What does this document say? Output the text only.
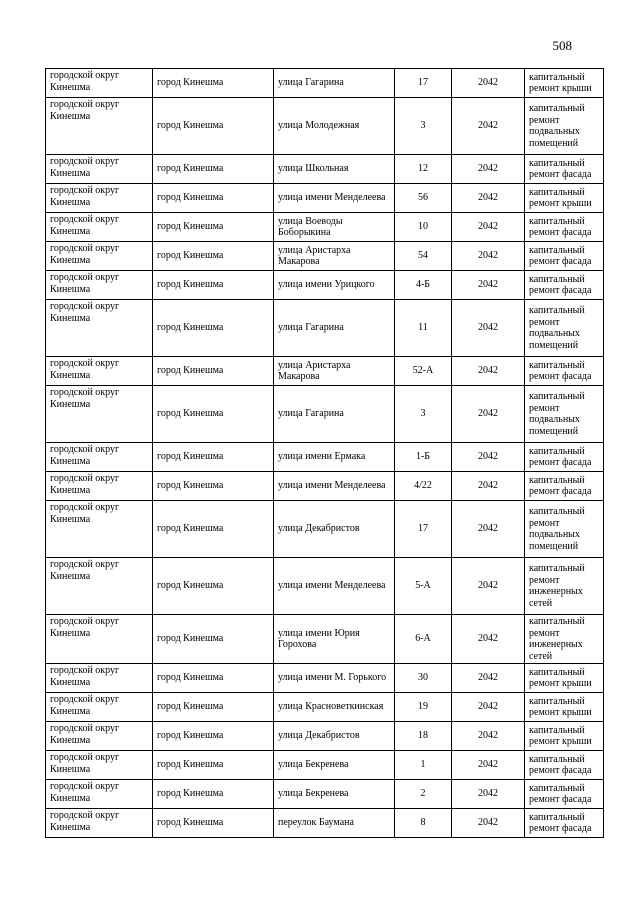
508
городской округ Кинешма	город Кинешма	улица Гагарина	17	2042	капитальный ремонт крыши
городской округ Кинешма	город Кинешма	улица Молодежная	3	2042	капитальный ремонт подвальных помещений
городской округ Кинешма	город Кинешма	улица Школьная	12	2042	капитальный ремонт фасада
городской округ Кинешма	город Кинешма	улица имени Менделеева	56	2042	капитальный ремонт крыши
городской округ Кинешма	город Кинешма	улица Воеводы Боборыкина	10	2042	капитальный ремонт фасада
городской округ Кинешма	город Кинешма	улица Аристарха Макарова	54	2042	капитальный ремонт фасада
городской округ Кинешма	город Кинешма	улица имени Урицкого	4-Б	2042	капитальный ремонт фасада
городской округ Кинешма	город Кинешма	улица Гагарина	11	2042	капитальный ремонт подвальных помещений
городской округ Кинешма	город Кинешма	улица Аристарха Макарова	52-А	2042	капитальный ремонт фасада
городской округ Кинешма	город Кинешма	улица Гагарина	3	2042	капитальный ремонт подвальных помещений
городской округ Кинешма	город Кинешма	улица имени Ермака	1-Б	2042	капитальный ремонт фасада
городской округ Кинешма	город Кинешма	улица имени Менделеева	4/22	2042	капитальный ремонт фасада
городской округ Кинешма	город Кинешма	улица Декабристов	17	2042	капитальный ремонт подвальных помещений
городской округ Кинешма	город Кинешма	улица имени Менделеева	5-А	2042	капитальный ремонт инженерных сетей
городской округ Кинешма	город Кинешма	улица имени Юрия Горохова	6-А	2042	капитальный ремонт инженерных сетей
городской округ Кинешма	город Кинешма	улица имени М. Горького	30	2042	капитальный ремонт крыши
городской округ Кинешма	город Кинешма	улица Красноветкинская	19	2042	капитальный ремонт крыши
городской округ Кинешма	город Кинешма	улица Декабристов	18	2042	капитальный ремонт крыши
городской округ Кинешма	город Кинешма	улица Бекренева	1	2042	капитальный ремонт фасада
городской округ Кинешма	город Кинешма	улица Бекренева	2	2042	капитальный ремонт фасада
городской округ Кинешма	город Кинешма	переулок Баумана	8	2042	капитальный ремонт фасада
